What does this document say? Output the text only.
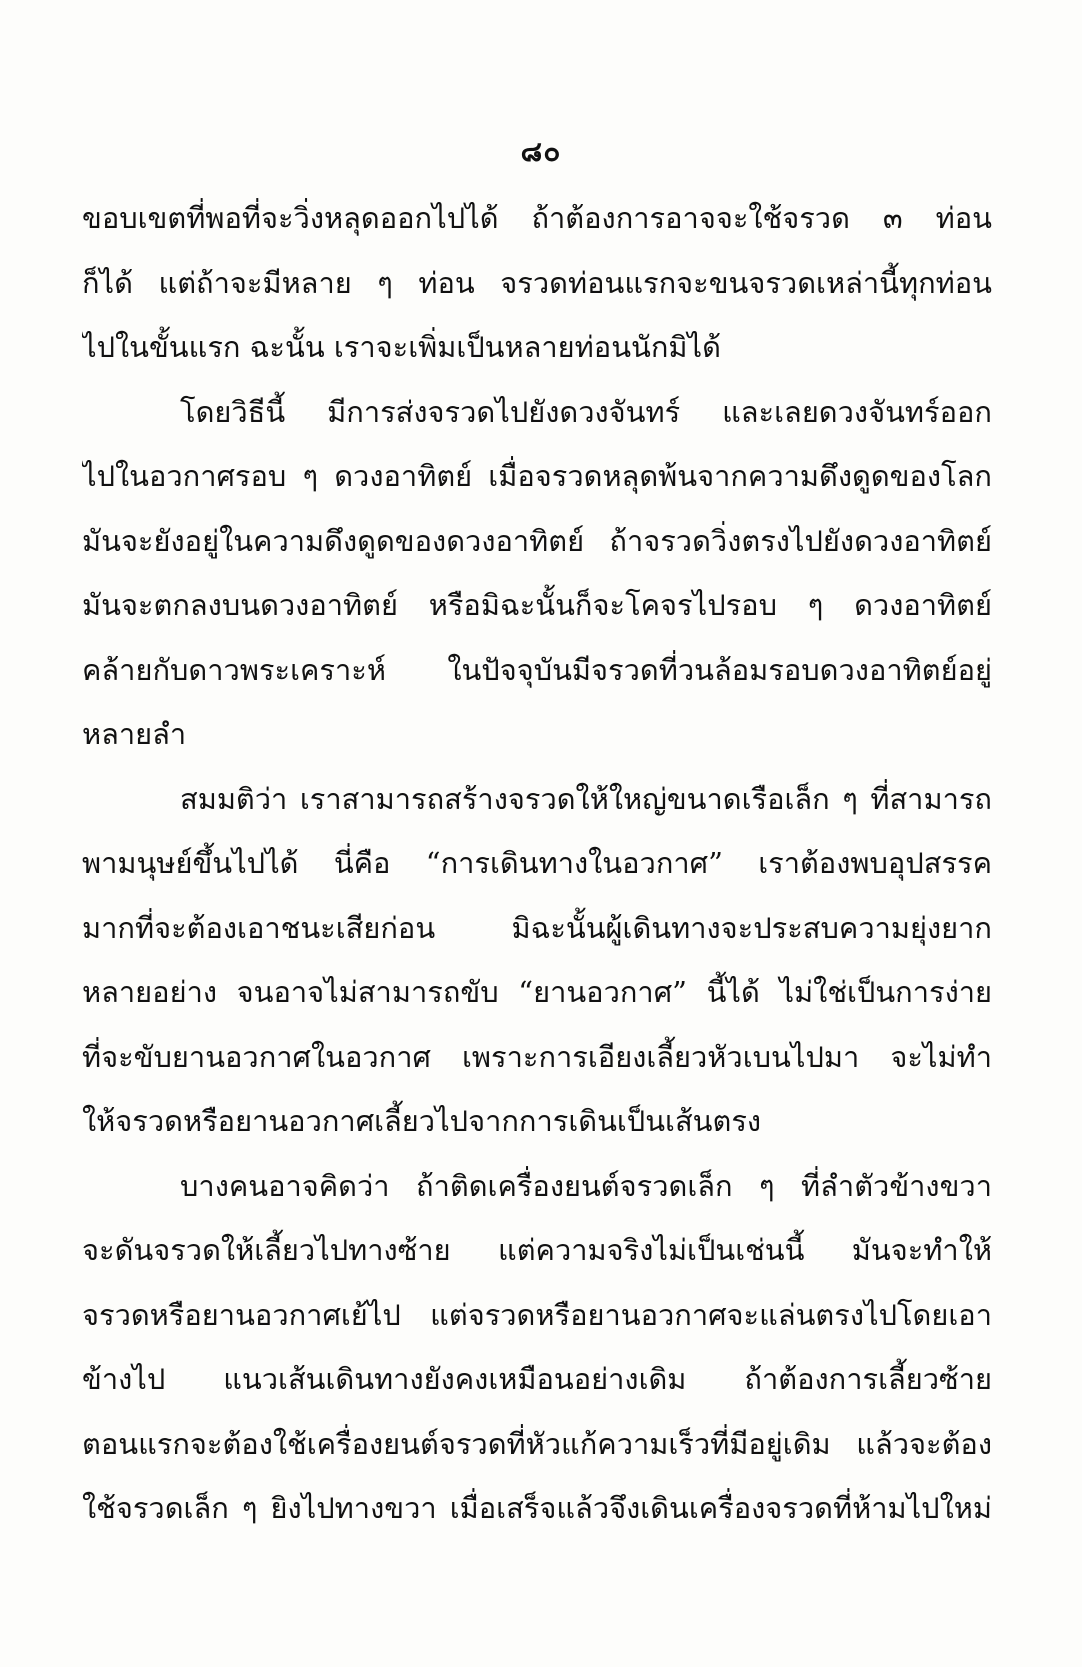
๘๐
ขอบเขตที่พอที่จะวิ่งหลุดออกไปได้ ถ้าต้องการอาจจะใช้จรวด ๓ ท่อน
ก็ได้ แต่ถ้าจะมีหลาย ๆ ท่อน จรวดท่อนแรกจะขนจรวดเหล่านี้ทุกท่อน
ไปในขั้นแรก ฉะนั้น เราจะเพิ่มเป็นหลายท่อนนักมิได้
โดยวิธีนี้ มีการส่งจรวดไปยังดวงจันทร์ และเลยดวงจันทร์ออก
ไปในอวกาศรอบ ๆ ดวงอาทิตย์ เมื่อจรวดหลุดพ้นจากความดึงดูดของโลก
มันจะยังอยู่ในความดึงดูดของดวงอาทิตย์ ถ้าจรวดวิ่งตรงไปยังดวงอาทิตย์
มันจะตกลงบนดวงอาทิตย์ หรือมิฉะนั้นก็จะโคจรไปรอบ ๆ ดวงอาทิตย์
คล้ายกับดาวพระเคราะห์ ในปัจจุบันมีจรวดที่วนล้อมรอบดวงอาทิตย์อยู่
หลายลำ
สมมติว่า เราสามารถสร้างจรวดให้ใหญ่ขนาดเรือเล็ก ๆ ที่สามารถ
พามนุษย์ขึ้นไปได้ นี่คือ “การเดินทางในอวกาศ” เราต้องพบอุปสรรค
มากที่จะต้องเอาชนะเสียก่อน มิฉะนั้นผู้เดินทางจะประสบความยุ่งยาก
หลายอย่าง จนอาจไม่สามารถขับ “ยานอวกาศ” นี้ได้ ไม่ใช่เป็นการง่าย
ที่จะขับยานอวกาศในอวกาศ เพราะการเอียงเลี้ยวหัวเบนไปมา จะไม่ทำ
ให้จรวดหรือยานอวกาศเลี้ยวไปจากการเดินเป็นเส้นตรง
บางคนอาจคิดว่า ถ้าติดเครื่องยนต์จรวดเล็ก ๆ ที่ลำตัวข้างขวา
จะดันจรวดให้เลี้ยวไปทางซ้าย แต่ความจริงไม่เป็นเช่นนี้ มันจะทำให้
จรวดหรือยานอวกาศเย้ไป แต่จรวดหรือยานอวกาศจะแล่นตรงไปโดยเอา
ข้างไป แนวเส้นเดินทางยังคงเหมือนอย่างเดิม ถ้าต้องการเลี้ยวซ้าย
ตอนแรกจะต้องใช้เครื่องยนต์จรวดที่หัวแก้ความเร็วที่มีอยู่เดิม แล้วจะต้อง
ใช้จรวดเล็ก ๆ ยิงไปทางขวา เมื่อเสร็จแล้วจึงเดินเครื่องจรวดที่ห้ามไปใหม่
